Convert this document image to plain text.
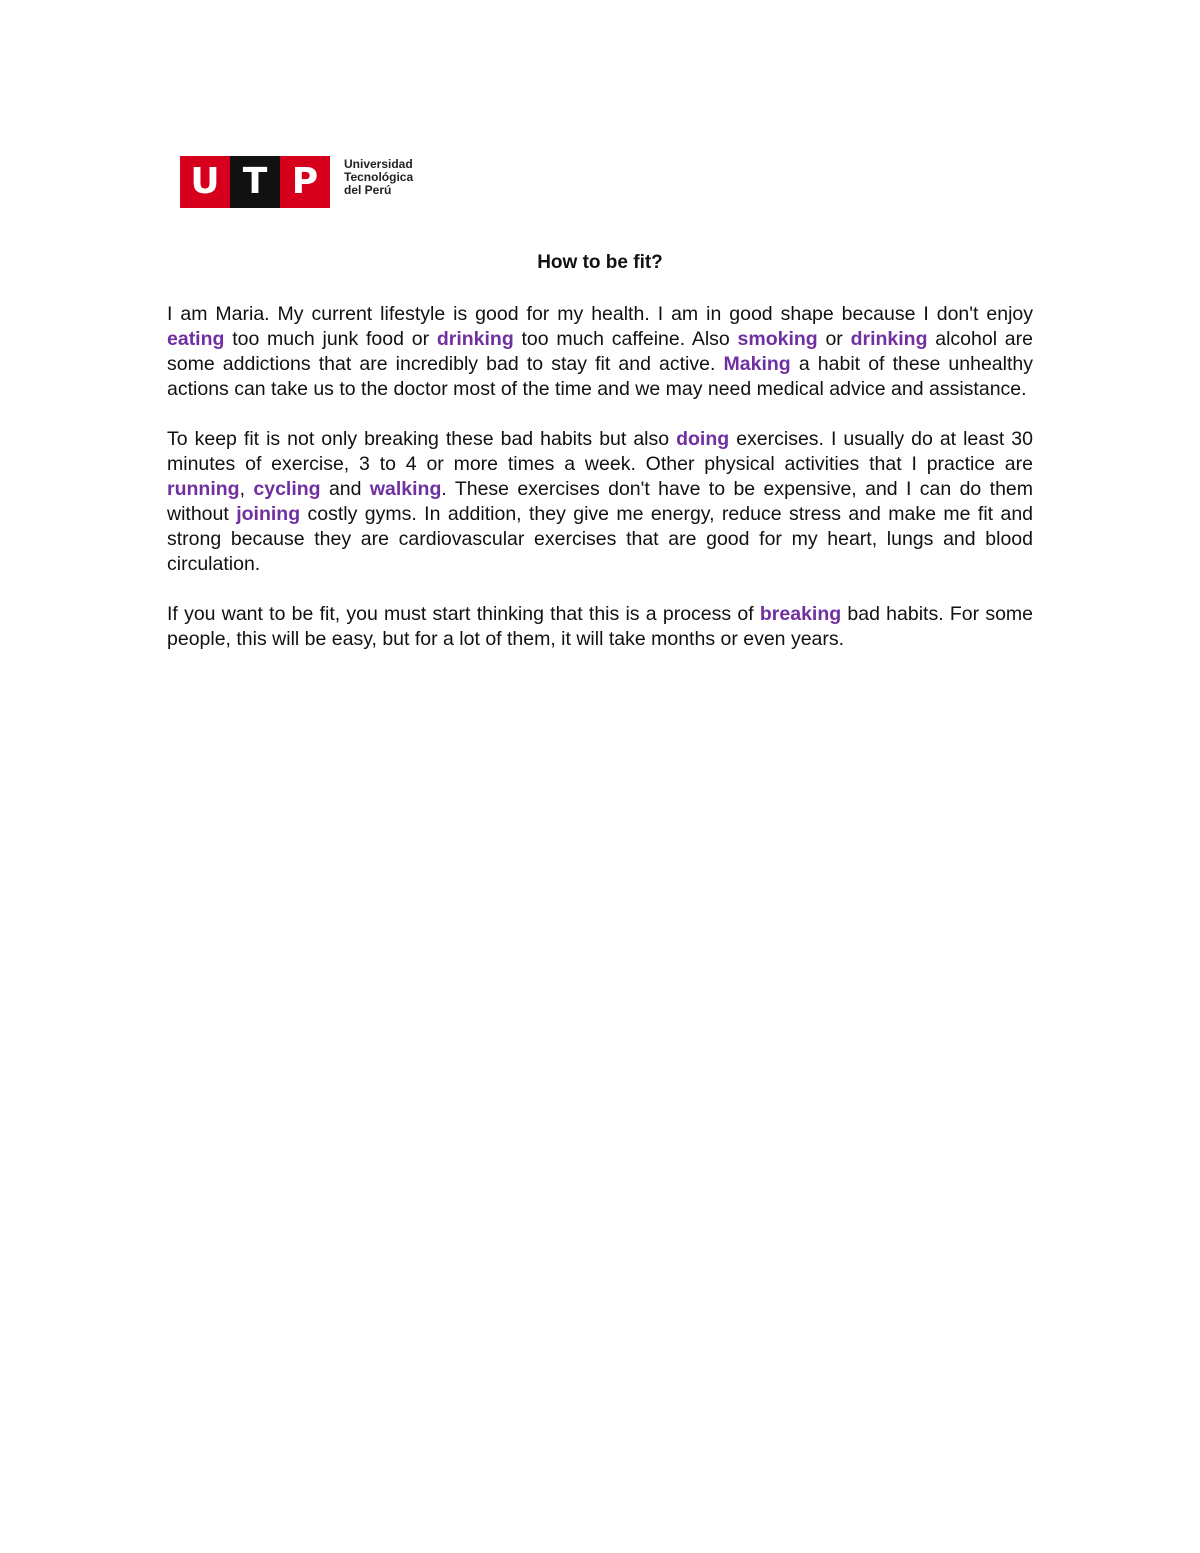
U T P	Universidad
Tecnológica
del Perú
How to be fit?

I am Maria. My current lifestyle is good for my health. I am in good shape because I don't enjoy eating too much junk food or drinking too much caffeine. Also smoking or drinking alcohol are some addictions that are incredibly bad to stay fit and active. Making a habit of these unhealthy actions can take us to the doctor most of the time and we may need medical advice and assistance.

To keep fit is not only breaking these bad habits but also doing exercises. I usually do at least 30 minutes of exercise, 3 to 4 or more times a week. Other physical activities that I practice are running, cycling and walking. These exercises don't have to be expensive, and I can do them without joining costly gyms. In addition, they give me energy, reduce stress and make me fit and strong because they are cardiovascular exercises that are good for my heart, lungs and blood circulation.

If you want to be fit, you must start thinking that this is a process of breaking bad habits. For some people, this will be easy, but for a lot of them, it will take months or even years.
